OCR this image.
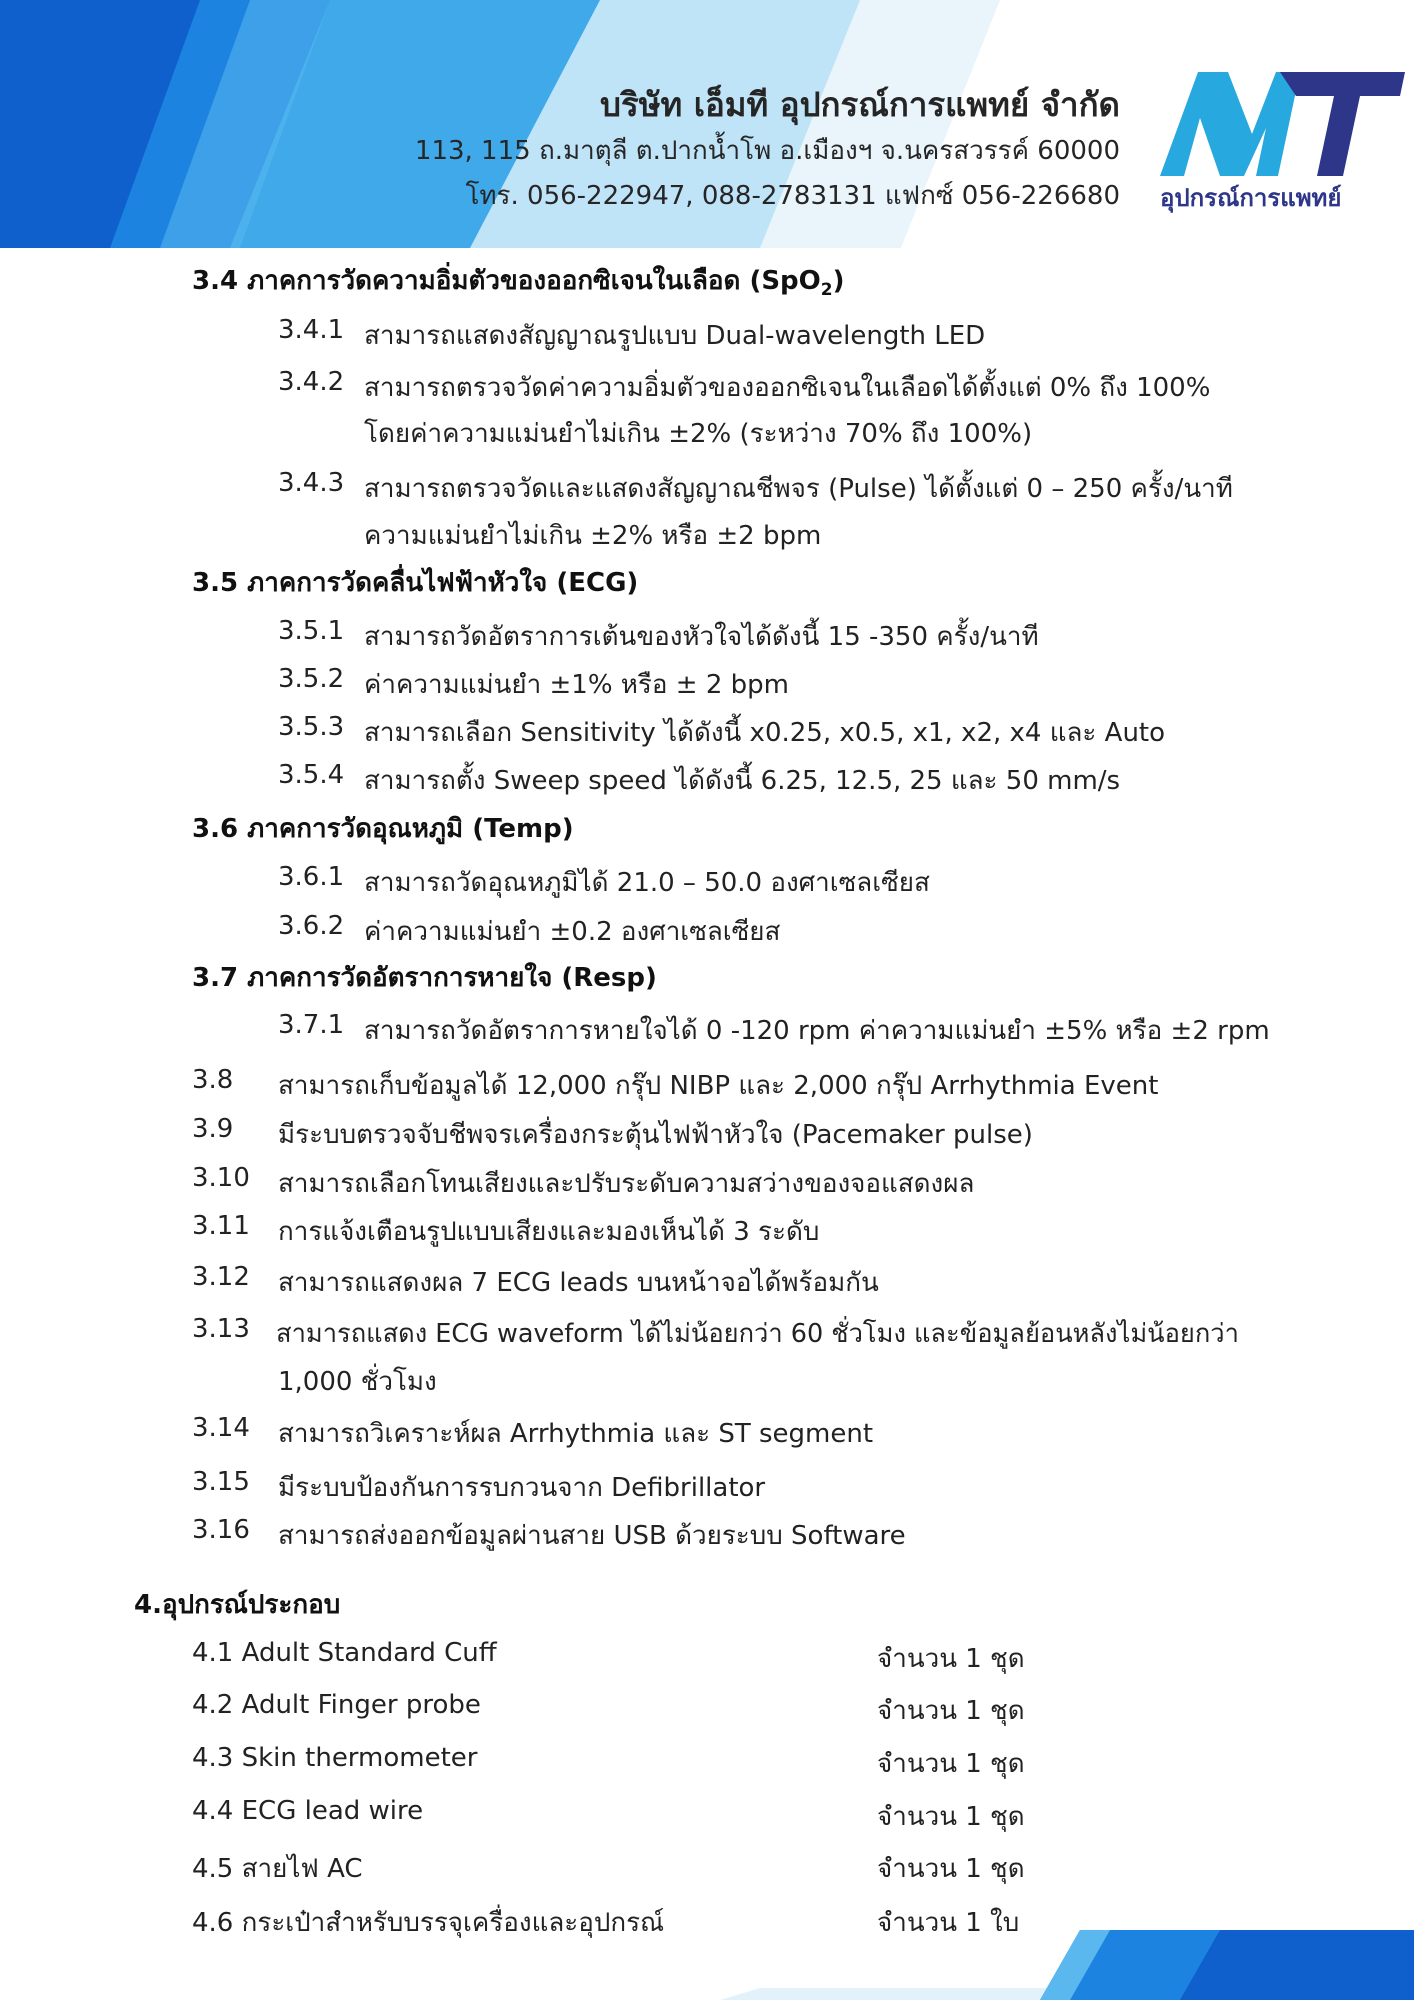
อุปกรณ์การแพทย์
บริษัท เอ็มที อุปกรณ์การแพทย์ จำกัด
113, 115 ถ.มาตุลี ต.ปากน้ำโพ อ.เมืองฯ จ.นครสวรรค์ 60000
โทร. 056-222947, 088-2783131 แฟกซ์ 056-226680
3.4 ภาคการวัดความอิ่มตัวของออกซิเจนในเลือด (SpO$_2$)
3.4.1 สามารถแสดงสัญญาณรูปแบบ Dual-wavelength LED
3.4.2 สามารถตรวจวัดค่าความอิ่มตัวของออกซิเจนในเลือดได้ตั้งแต่ 0% ถึง 100%
โดยค่าความแม่นยำไม่เกิน ±2% (ระหว่าง 70% ถึง 100%)
3.4.3 สามารถตรวจวัดและแสดงสัญญาณชีพจร (Pulse) ได้ตั้งแต่ 0 – 250 ครั้ง/นาที
ความแม่นยำไม่เกิน ±2% หรือ ±2 bpm
3.5 ภาคการวัดคลื่นไฟฟ้าหัวใจ (ECG)
3.5.1 สามารถวัดอัตราการเต้นของหัวใจได้ดังนี้ 15 -350 ครั้ง/นาที
3.5.2 ค่าความแม่นยำ ±1% หรือ ± 2 bpm
3.5.3 สามารถเลือก Sensitivity ได้ดังนี้ x0.25, x0.5, x1, x2, x4 และ Auto
3.5.4 สามารถตั้ง Sweep speed ได้ดังนี้ 6.25, 12.5, 25 และ 50 mm/s
3.6 ภาคการวัดอุณหภูมิ (Temp)
3.6.1 สามารถวัดอุณหภูมิได้ 21.0 – 50.0 องศาเซลเซียส
3.6.2 ค่าความแม่นยำ ±0.2 องศาเซลเซียส
3.7 ภาคการวัดอัตราการหายใจ (Resp)
3.7.1 สามารถวัดอัตราการหายใจได้ 0 -120 rpm ค่าความแม่นยำ ±5% หรือ ±2 rpm
3.8 สามารถเก็บข้อมูลได้ 12,000 กรุ๊ป NIBP และ 2,000 กรุ๊ป Arrhythmia Event
3.9 มีระบบตรวจจับชีพจรเครื่องกระตุ้นไฟฟ้าหัวใจ (Pacemaker pulse)
3.10 สามารถเลือกโทนเสียงและปรับระดับความสว่างของจอแสดงผล
3.11 การแจ้งเตือนรูปแบบเสียงและมองเห็นได้ 3 ระดับ
3.12 สามารถแสดงผล 7 ECG leads บนหน้าจอได้พร้อมกัน
3.13 สามารถแสดง ECG waveform ได้ไม่น้อยกว่า 60 ชั่วโมง และข้อมูลย้อนหลังไม่น้อยกว่า
1,000 ชั่วโมง
3.14 สามารถวิเคราะห์ผล Arrhythmia และ ST segment
3.15 มีระบบป้องกันการรบกวนจาก Defibrillator
3.16 สามารถส่งออกข้อมูลผ่านสาย USB ด้วยระบบ Software
4.อุปกรณ์ประกอบ
4.1 Adult Standard Cuff	จำนวน 1 ชุด
4.2 Adult Finger probe	จำนวน 1 ชุด
4.3 Skin thermometer	จำนวน 1 ชุด
4.4 ECG lead wire	จำนวน 1 ชุด
4.5 สายไฟ AC	จำนวน 1 ชุด
4.6 กระเป๋าสำหรับบรรจุเครื่องและอุปกรณ์	จำนวน 1 ใบ
